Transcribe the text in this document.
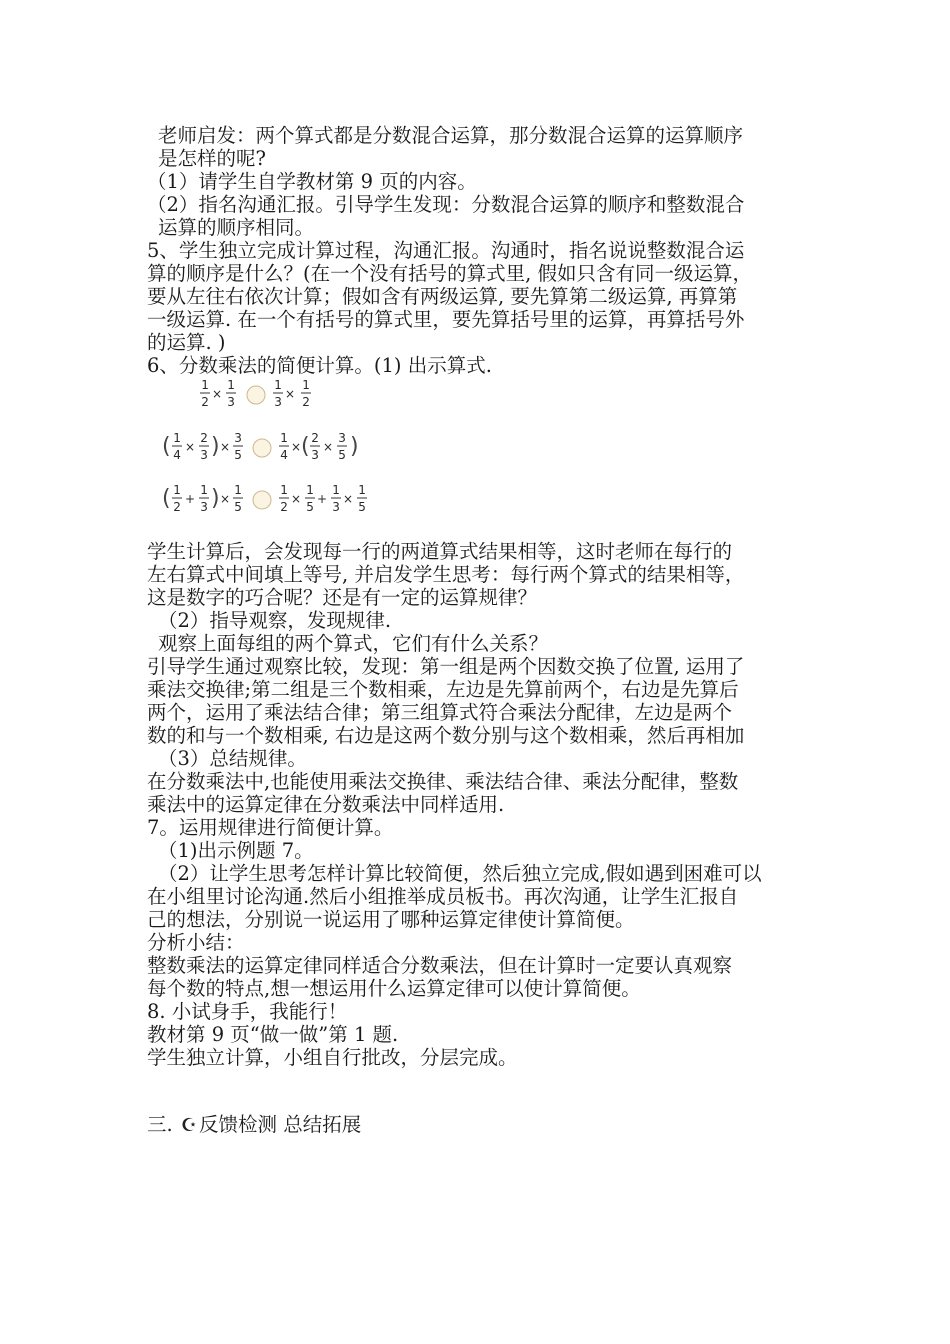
老师启发：两个算式都是分数混合运算，那分数混合运算的运算顺序
是怎样的呢?
（1）请学生自学教材第 9 页的内容。
（2）指名沟通汇报。引导学生发现：分数混合运算的顺序和整数混合
运算的顺序相同。
5、学生独立完成计算过程，沟通汇报。沟通时，指名说说整数混合运
算的顺序是什么？(在一个没有括号的算式里, 假如只含有同一级运算，
要从左往右依次计算；假如含有两级运算, 要先算第二级运算, 再算第
一级运算. 在一个有括号的算式里，要先算括号里的运算，再算括号外
的运算. )
6、分数乘法的简便计算。(1) 出示算式.
1
2
×
1
3
1
3
×
1
2
( 1
4
×
2
3 ) ×
3
5
1
4
× ( 2
3
×
3
5 )
( 1
2
+
1
3 ) ×
1
5
1
2
×
1
5
+
1
3
×
1
5
学生计算后，会发现每一行的两道算式结果相等，这时老师在每行的
左右算式中间填上等号, 并启发学生思考：每行两个算式的结果相等，
这是数字的巧合呢？还是有一定的运算规律？
（2）指导观察，发现规律.
观察上面每组的两个算式，它们有什么关系？
引导学生通过观察比较，发现：第一组是两个因数交换了位置, 运用了
乘法交换律;第二组是三个数相乘，左边是先算前两个，右边是先算后
两个，运用了乘法结合律；第三组算式符合乘法分配律，左边是两个
数的和与一个数相乘, 右边是这两个数分别与这个数相乘，然后再相加
（3）总结规律。
在分数乘法中,也能使用乘法交换律、乘法结合律、乘法分配律，整数
乘法中的运算定律在分数乘法中同样适用.
7。运用规律进行简便计算。
（1)出示例题 7。
（2）让学生思考怎样计算比较简便，然后独立完成,假如遇到困难可以
在小组里讨论沟通.然后小组推举成员板书。再次沟通，让学生汇报自
己的想法，分别说一说运用了哪种运算定律使计算简便。
分析小结：
整数乘法的运算定律同样适合分数乘法，但在计算时一定要认真观察
每个数的特点,想一想运用什么运算定律可以使计算简便。
8. 小试身手，我能行！
教材第 9 页“做一做”第 1 题.
学生独立计算，小组自行批改，分层完成。
三. ☪ 反馈检测 总结拓展
